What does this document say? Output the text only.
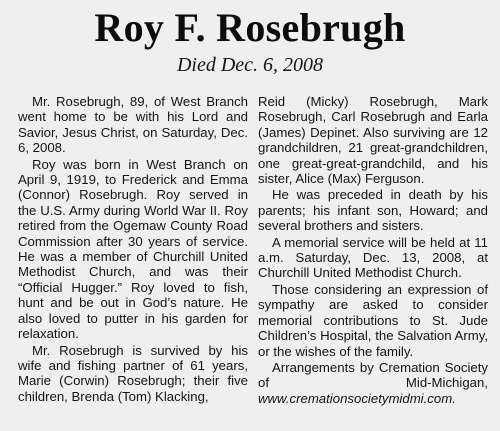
Roy F. Rosebrugh
Died Dec. 6, 2008

Mr. Rosebrugh, 89, of West Branch went home to be with his Lord and Savior, Jesus Christ, on Saturday, Dec. 6, 2008.

Roy was born in West Branch on April 9, 1919, to Frederick and Emma (Connor) Rosebrugh. Roy served in the U.S. Army during World War II. Roy retired from the Ogemaw County Road Commission after 30 years of service. He was a member of Churchill United Methodist Church, and was their “Official Hugger.” Roy loved to fish, hunt and be out in God’s nature. He also loved to putter in his garden for relaxation.

Mr. Rosebrugh is survived by his wife and fishing partner of 61 years, Marie (Corwin) Rosebrugh; their five children, Brenda (Tom) Klacking,

Reid (Micky) Rosebrugh, Mark Rosebrugh, Carl Rosebrugh and Earla (James) Depinet. Also surviving are 12 grandchildren, 21 great-grandchildren, one great-great-grandchild, and his sister, Alice (Max) Ferguson.

He was preceded in death by his parents; his infant son, Howard; and several brothers and sisters.

A memorial service will be held at 11 a.m. Saturday, Dec. 13, 2008, at Churchill United Methodist Church.

Those considering an expression of sympathy are asked to consider memorial contributions to St. Jude Children’s Hospital, the Salvation Army, or the wishes of the family.

Arrangements by Cremation Society of Mid-Michigan, www.cremationsocietymidmi.com.
